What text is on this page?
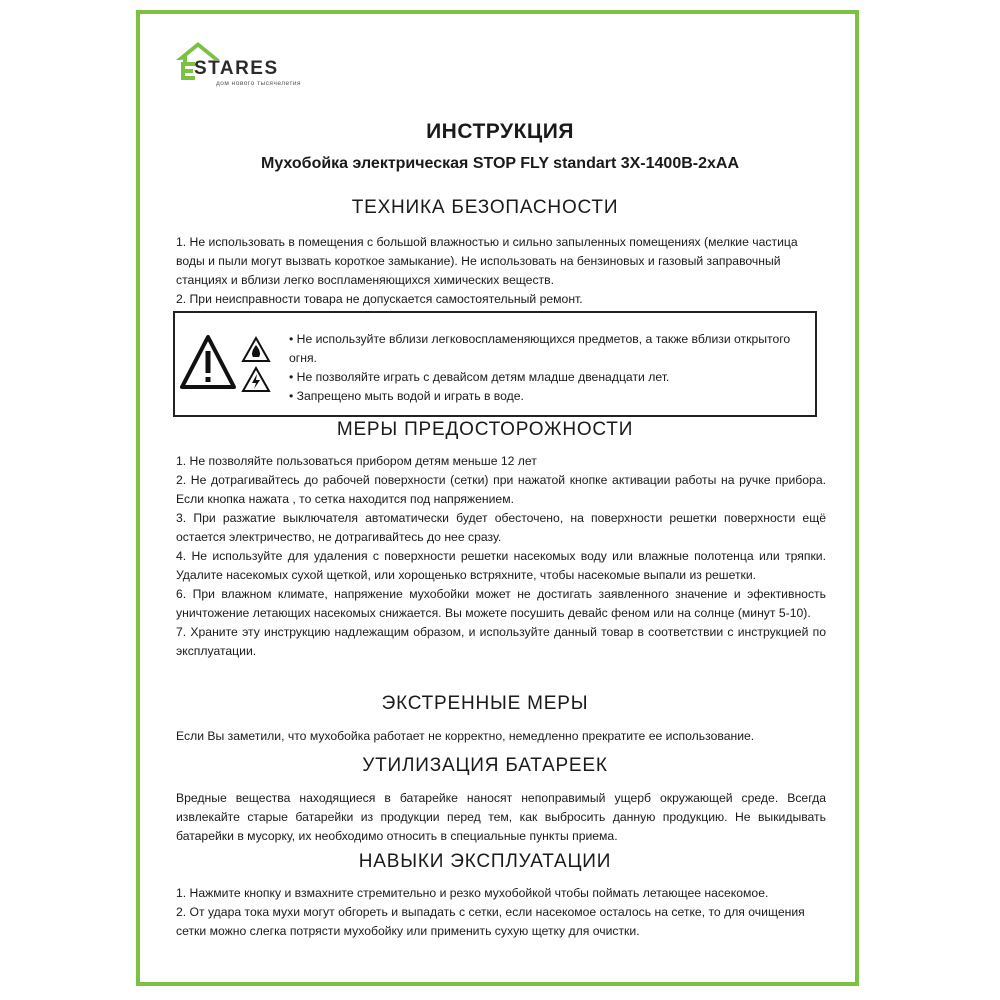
STARES
дом нового тысячелетия
ИНСТРУКЦИЯ
Мухобойка электрическая STOP FLY standart 3X-1400B-2xAA
ТЕХНИКА БЕЗОПАСНОСТИ

1. Не использовать в помещения с большой влажностью и сильно запыленных помещениях (мелкие частица воды и пыли могут вызвать короткое замыкание). Не использовать на бензиновых и газовый заправочный станциях и вблизи легко воспламеняющихся химических веществ.

2. При неисправности товара не допускается самостоятельный ремонт.

• Не используйте вблизи легковоспламеняющихся предметов, а также вблизи открытого огня.
• Не позволяйте играть с девайсом детям младше двенадцати лет.
• Запрещено мыть водой и играть в воде.
МЕРЫ ПРЕДОСТОРОЖНОСТИ

1. Не позволяйте пользоваться прибором детям меньше 12 лет

2. Не дотрагивайтесь до рабочей поверхности (сетки) при нажатой кнопке активации работы на ручке прибора. Если кнопка нажата , то сетка находится под напряжением.

3. При разжатие выключателя автоматически будет обесточено, на поверхности решетки поверхности ещё остается электричество, не дотрагивайтесь до нее сразу.

4. Не используйте для удаления с поверхности решетки насекомых воду или влажные полотенца или тряпки. Удалите насекомых сухой щеткой, или хорощенько встряхните, чтобы насекомые выпали из решетки.

6. При влажном климате, напряжение мухобойки может не достигать заявленного значение и эфективность уничтожение летающих насекомых снижается. Вы можете посушить девайс феном или на солнце (минут 5-10).

7. Храните эту инструкцию надлежащим образом, и используйте данный товар в соответствии с инструкцией по эксплуатации.

ЭКСТРЕННЫЕ МЕРЫ
Если Вы заметили, что мухобойка работает не корректно, немедленно прекратите ее использование.
УТИЛИЗАЦИЯ БАТАРЕЕК
Вредные вещества находящиеся в батарейке наносят непоправимый ущерб окружающей среде. Всегда извлекайте старые батарейки из продукции перед тем, как выбросить данную продукцию. Не выкидывать батарейки в мусорку, их необходимо относить в специальные пункты приема.
НАВЫКИ ЭКСПЛУАТАЦИИ

1. Нажмите кнопку и взмахните стремительно и резко мухобойкой чтобы поймать летающее насекомое.

2. От удара тока мухи могут обгореть и выпадать с сетки, если насекомое осталось на сетке, то для очищения сетки можно слегка потрясти мухобойку или применить сухую щетку для очистки.
